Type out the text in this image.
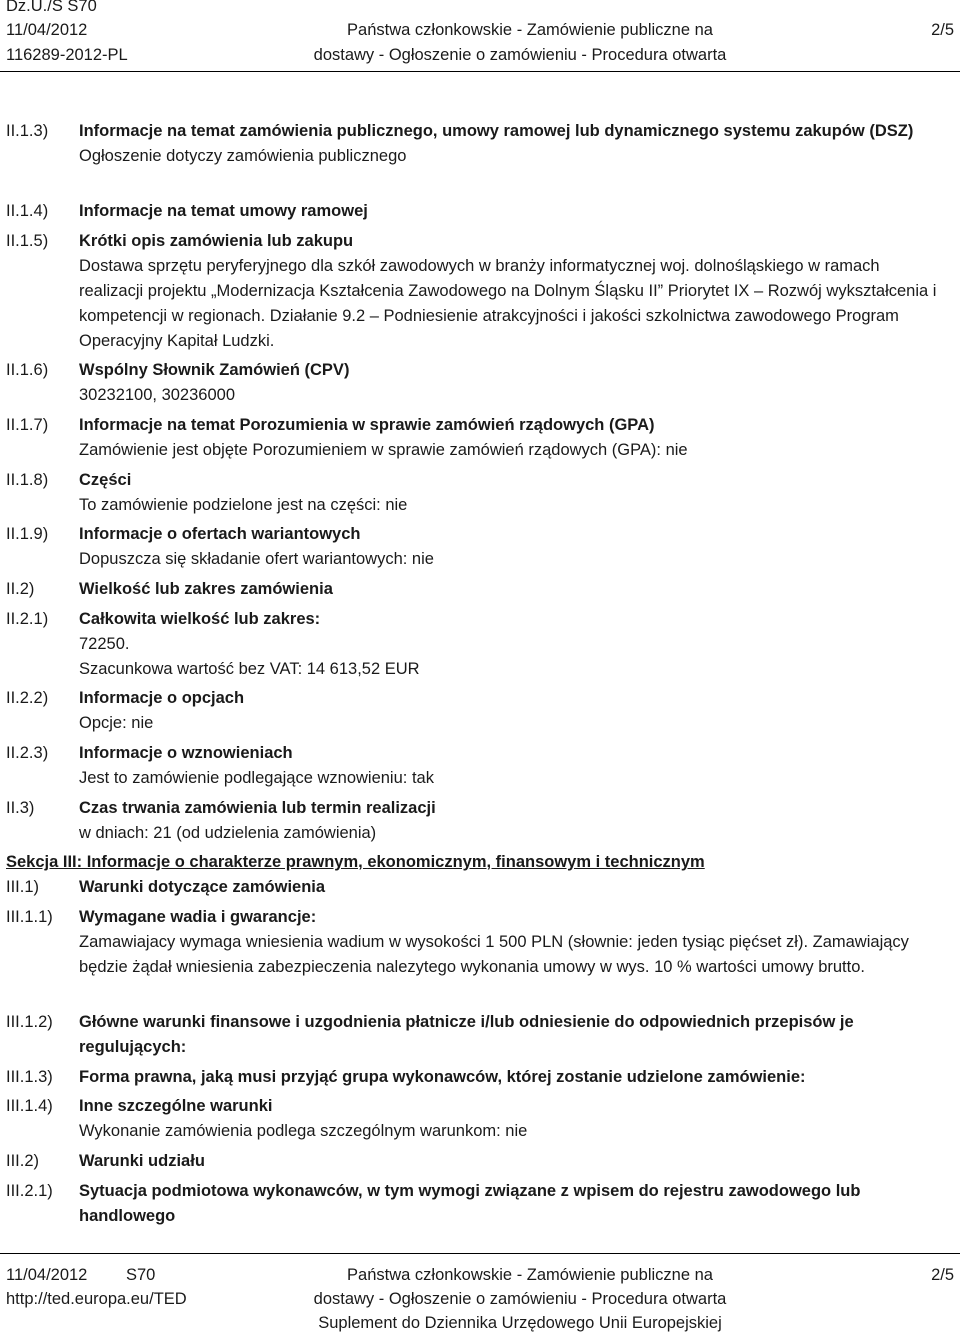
Dz.U./S S70
11/04/2012
116289-2012-PL
Państwa członkowskie - Zamówienie publiczne na
dostawy - Ogłoszenie o zamówieniu - Procedura otwarta
2/5
II.1.3) Informacje na temat zamówienia publicznego, umowy ramowej lub dynamicznego systemu zakupów (DSZ)

Ogłoszenie dotyczy zamówienia publicznego

II.1.4) Informacje na temat umowy ramowej

II.1.5) Krótki opis zamówienia lub zakupu

Dostawa sprzętu peryferyjnego dla szkół zawodowych w branży informatycznej woj. dolnośląskiego w ramach realizacji projektu „Modernizacja Kształcenia Zawodowego na Dolnym Śląsku II” Priorytet IX – Rozwój wykształcenia i kompetencji w regionach. Działanie 9.2 – Podniesienie atrakcyjności i jakości szkolnictwa zawodowego Program Operacyjny Kapitał Ludzki.

II.1.6) Wspólny Słownik Zamówień (CPV)

30232100, 30236000

II.1.7) Informacje na temat Porozumienia w sprawie zamówień rządowych (GPA)

Zamówienie jest objęte Porozumieniem w sprawie zamówień rządowych (GPA): nie

II.1.8) Części

To zamówienie podzielone jest na części: nie

II.1.9) Informacje o ofertach wariantowych

Dopuszcza się składanie ofert wariantowych: nie

II.2)	Wielkość lub zakres zamówienia

II.2.1) Całkowita wielkość lub zakres:

72250.

Szacunkowa wartość bez VAT: 14 613,52 EUR

II.2.2) Informacje o opcjach

Opcje: nie

II.2.3) Informacje o wznowieniach

Jest to zamówienie podlegające wznowieniu: tak

II.3)	Czas trwania zamówienia lub termin realizacji

w dniach: 21 (od udzielenia zamówienia)

Sekcja III: Informacje o charakterze prawnym, ekonomicznym, finansowym i technicznym
III.1) Warunki dotyczące zamówienia

III.1.1) Wymagane wadia i gwarancje:

Zamawiajacy wymaga wniesienia wadium w wysokości 1 500 PLN (słownie: jeden tysiąc pięćset zł). Zamawiający będzie żądał wniesienia zabezpieczenia nalezytego wykonania umowy w wys. 10 % wartości umowy brutto.

III.1.2) Główne warunki finansowe i uzgodnienia płatnicze i/lub odniesienie do odpowiednich przepisów je regulujących:

III.1.3) Forma prawna, jaką musi przyjąć grupa wykonawców, której zostanie udzielone zamówienie:

III.1.4) Inne szczególne warunki

Wykonanie zamówienia podlega szczególnym warunkom: nie

III.2) Warunki udziału

III.2.1) Sytuacja podmiotowa wykonawców, w tym wymogi związane z wpisem do rejestru zawodowego lub handlowego

11/04/2012 S70
http://ted.europa.eu/TED
Państwa członkowskie - Zamówienie publiczne na
dostawy - Ogłoszenie o zamówieniu - Procedura otwarta
Suplement do Dziennika Urzędowego Unii Europejskiej
2/5
